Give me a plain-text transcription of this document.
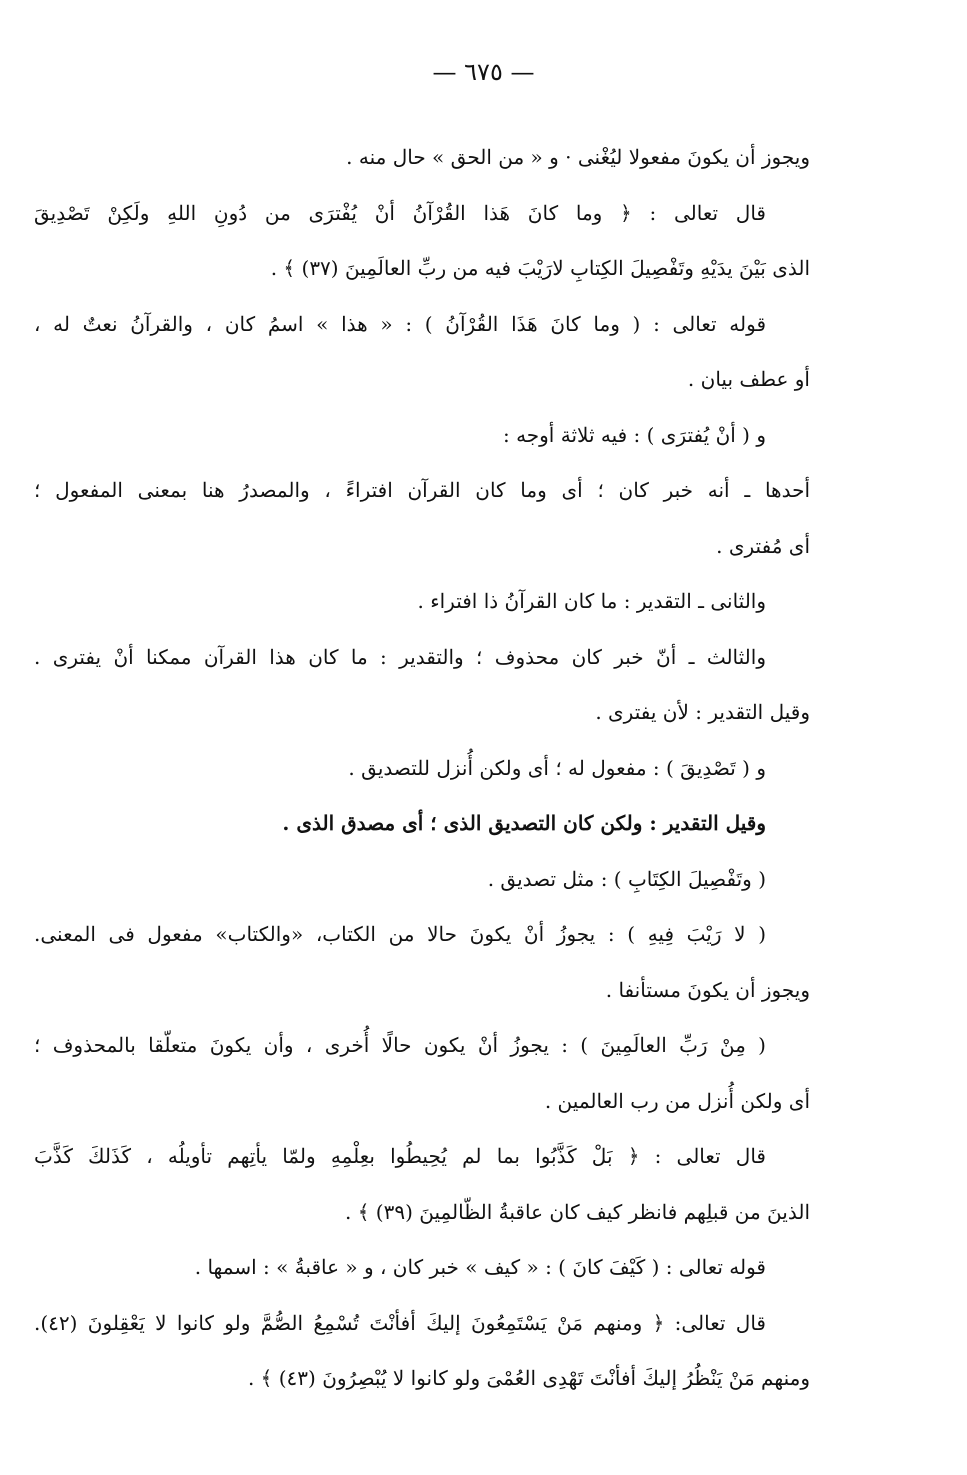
— ٦٧٥ —
ويجوز أن يكونَ مفعولا ليُغْنى · و « من الحق » حال منه .
قال تعالى : ﴿ وما كانَ هَذا القُرْآنُ أنْ يُفْترَى من دُونِ اللهِ ولَكِنْ تَصْدِيقَ
الذى بَيْنَ يدَيْهِ وتَفْصِيلَ الكِتابِ لارَيْبَ فيه من ربِّ العالَمِينَ (٣٧) ﴾ .
قوله تعالى : ( وما كانَ هَذَا القُرْآنُ ) : « هذا » اسمُ كان ، والقرآنُ نعتٌ له ،
أو عطف بيان .
و ( أنْ يُفترَى ) : فيه ثلاثة أوجه :
أحدها ـ أنه خبر كان ؛ أى وما كان القرآن افتراءً ، والمصدرُ هنا بمعنى المفعول ؛
أى مُفترى .
والثانى ـ التقدير : ما كان القرآنُ ذا افتراء .
والثالث ـ أنّ خبر كان محذوف ؛ والتقدير : ما كان هذا القرآن ممكنا أنْ يفترى .
وقيل التقدير : لأن يفترى .
و ( تَصْدِيقَ ) : مفعول له ؛ أى ولكن أُنزل للتصديق .
وقيل التقدير : ولكن كان التصديق الذى ؛ أى مصدق الذى .
( وتَفْصِيلَ الكِتَابِ ) : مثل تصديق .
( لا رَيْبَ فِيهِ ) : يجوزُ أنْ يكونَ حالا من الكتاب، «والكتاب» مفعول فى المعنى.
ويجوز أن يكونَ مستأنفا .
( مِنْ رَبِّ العالَمِينَ ) : يجوزُ أنْ يكون حالًا أُخرى ، وأن يكونَ متعلّقا بالمحذوف ؛
أى ولكن أُنزل من رب العالمين .
قال تعالى : ﴿ بَلْ كَذَّبُوا بما لم يُحِيطُوا بعِلْمِهِ ولمّا يأتِهم تأويلُه ، كَذَلكَ كَذَّبَ
الذينَ من قبلِهم فانظر كيف كان عاقبةُ الظّالمِينَ (٣٩) ﴾ .
قوله تعالى : ( كَيْفَ كانَ ) : « كيف » خبر كان ، و « عاقبةُ » : اسمها .
قال تعالى: ﴿ ومنهم مَنْ يَسْتَمِعُونَ إليكَ أفأنْتَ تُسْمِعُ الصُّمَّ ولو كانوا لا يَعْقِلونَ (٤٢).
ومنهم مَنْ يَنْظُرُ إليكَ أفأنْتَ تَهْدِى العُمْىَ ولو كانوا لا يُبْصِرُونَ (٤٣) ﴾ .
